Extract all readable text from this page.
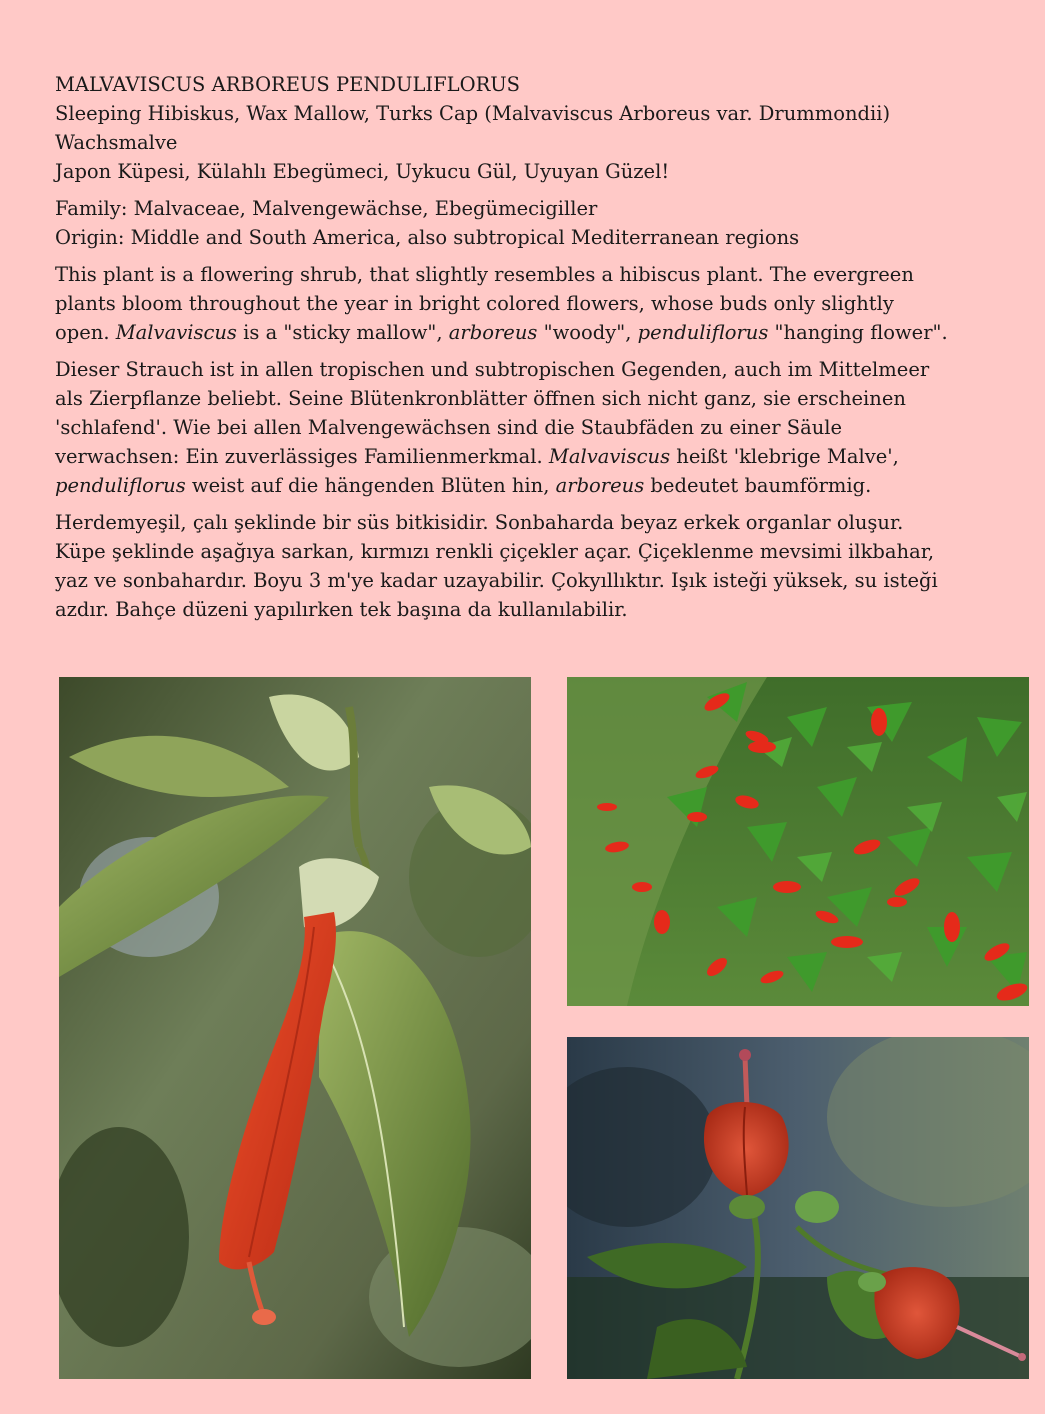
MALVAVISCUS ARBOREUS PENDULIFLORUS
Sleeping Hibiskus, Wax Mallow, Turks Cap (Malvaviscus Arboreus var. Drummondii)
Wachsmalve
Japon Küpesi, Külahlı Ebegümeci, Uykucu Gül, Uyuyan Güzel!

Family: Malvaceae, Malvengewächse, Ebegümecigiller
Origin: Middle and South America, also subtropical Mediterranean regions

This plant is a flowering shrub, that slightly resembles a hibiscus plant. The evergreen
plants bloom throughout the year in bright colored flowers, whose buds only slightly
open. Malvaviscus is a "sticky mallow", arboreus "woody", penduliflorus "hanging flower".

Dieser Strauch ist in allen tropischen und subtropischen Gegenden, auch im Mittelmeer
als Zierpflanze beliebt. Seine Blütenkronblätter öffnen sich nicht ganz, sie erscheinen
'schlafend'. Wie bei allen Malvengewächsen sind die Staubfäden zu einer Säule
verwachsen: Ein zuverlässiges Familienmerkmal. Malvaviscus heißt 'klebrige Malve',
penduliflorus weist auf die hängenden Blüten hin, arboreus bedeutet baumförmig.

Herdemyeşil, çalı şeklinde bir süs bitkisidir. Sonbaharda beyaz erkek organlar oluşur.
Küpe şeklinde aşağıya sarkan, kırmızı renkli çiçekler açar. Çiçeklenme mevsimi ilkbahar,
yaz ve sonbahardır. Boyu 3 m'ye kadar uzayabilir. Çokyıllıktır. Işık isteği yüksek, su isteği
azdır. Bahçe düzeni yapılırken tek başına da kullanılabilir.
